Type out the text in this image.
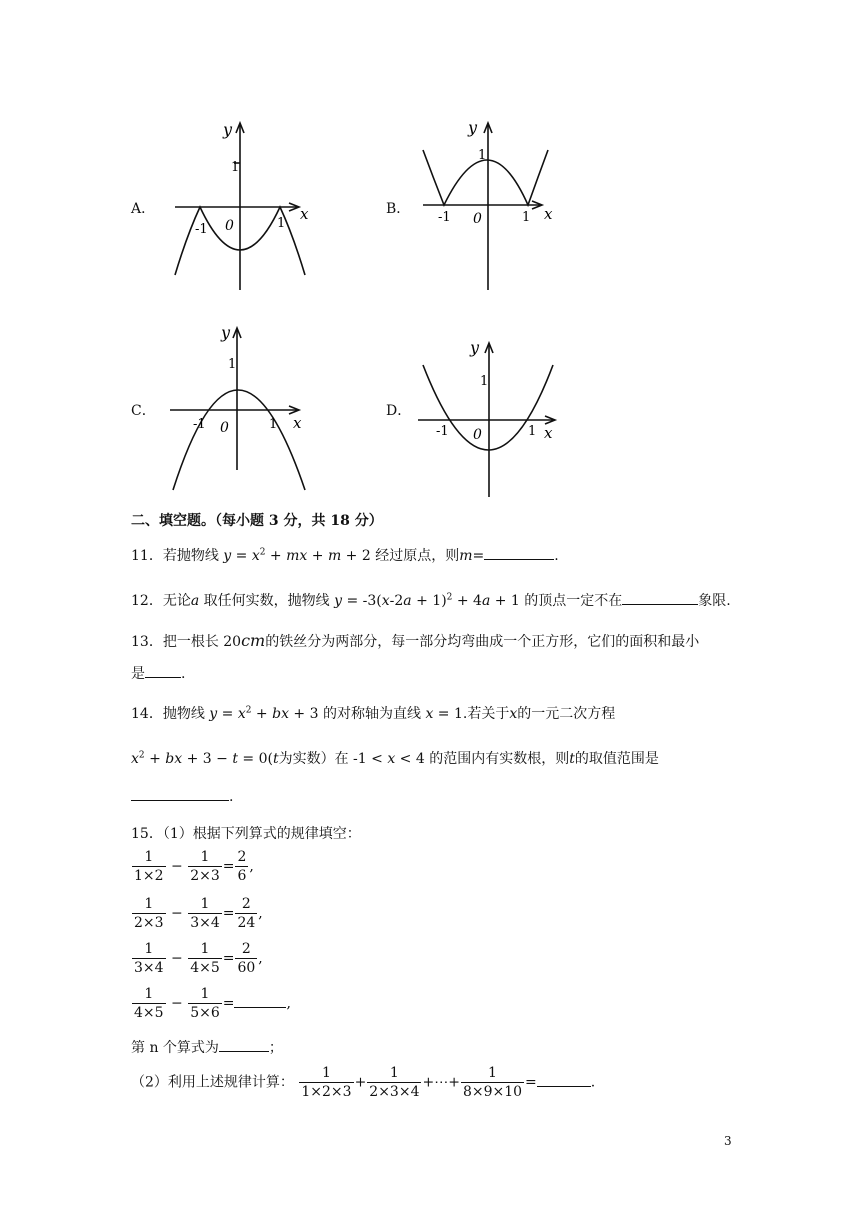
A．	B．
C．	D．
y
x
1
-1 0	1
y
x
1
-1 0	1
y
x
1
-1 0	1
y
x
1
-1 0	1
二、填空题。（每小题 3 分，共 18 分）
11．若抛物线 $y = x^2$ + mx + m + 2 经过原点，则m=	.
12．无论a 取任何实数，抛物线 $y = -3(x-2a + 1)^2 + 4a + 1$ 的顶点一定不在	象限.
13．把一根长 20cm的铁丝分为两部分，每一部分均弯曲成一个正方形，它们的面积和最小
是	.
14．抛物线 $y = x^2$ + bx + 3 的对称轴为直线 x = 1.若关于x的一元二次方程
$x^2$ + bx + 3 − t = 0(t为实数）在 -1 < x < 4 的范围内有实数根，则t的取值范围是
.
15．（1）根据下列算式的规律填空：
$\frac{1}{1\times 2} - \frac{1}{2\times 3} = \frac{2}{6}$ ,
$\frac{1}{2\times 3} - \frac{1}{3\times 4} = \frac{2}{24}$ ,
$\frac{1}{3\times 4} - \frac{1}{4\times 5} = \frac{2}{60}$ ,
$\frac{1}{4\times 5} - \frac{1}{5\times 6}$ =	,
第 n 个算式为	；
（2）利用上述规律计算： $\frac{1}{1\times 2\times 3} + \frac{1}{2\times 3\times 4}$ +⋯+ $\frac{1}{8\times 9\times 10}$ =	.
3
